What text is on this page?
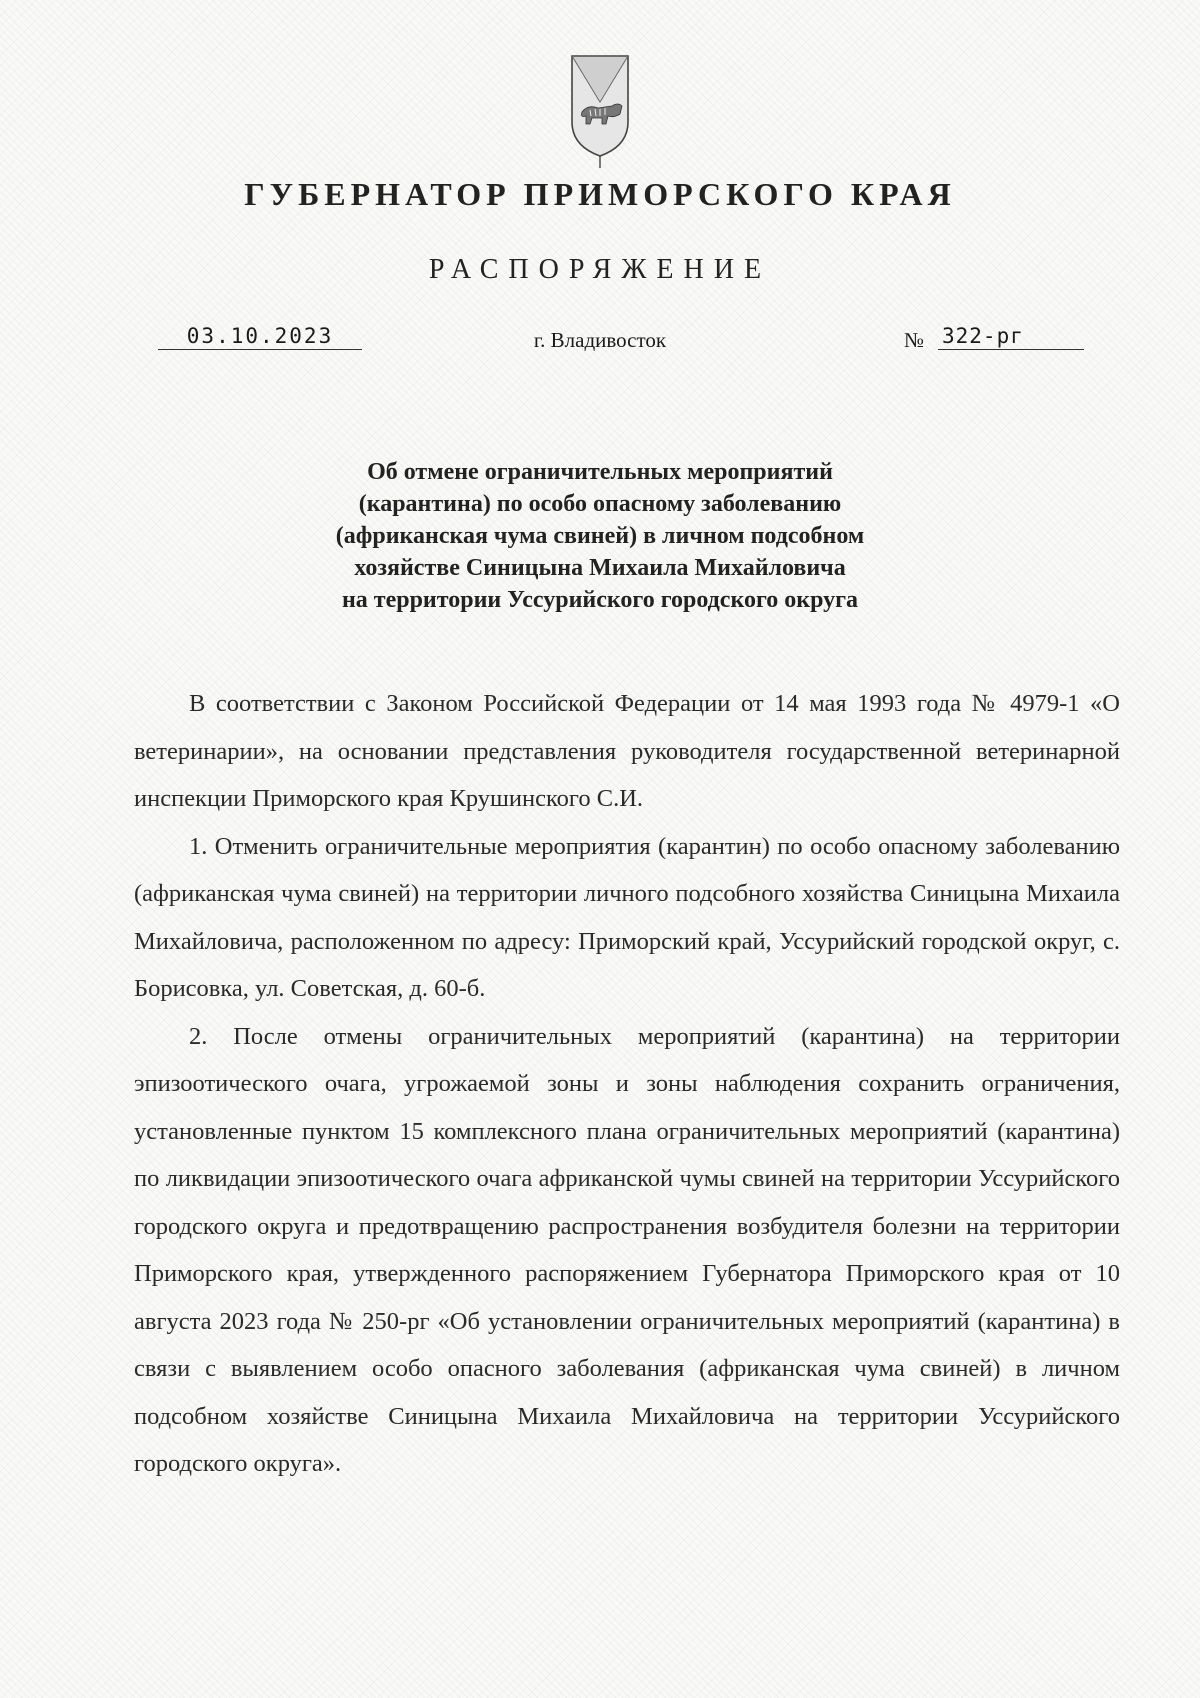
ГУБЕРНАТОР ПРИМОРСКОГО КРАЯ
РАСПОРЯЖЕНИЕ
03.10.2023	г. Владивосток	№ 322-рг
Об отмене ограничительных мероприятий
(карантина) по особо опасному заболеванию
(африканская чума свиней) в личном подсобном
хозяйстве Синицына Михаила Михайловича
на территории Уссурийского городского округа

В соответствии с Законом Российской Федерации от 14 мая 1993 года № 4979-1 «О ветеринарии», на основании представления руководителя государственной ветеринарной инспекции Приморского края Крушинского С.И.

1. Отменить ограничительные мероприятия (карантин) по особо опасному заболеванию (африканская чума свиней) на территории личного подсобного хозяйства Синицына Михаила Михайловича, расположенном по адресу: Приморский край, Уссурийский городской округ, с. Борисовка, ул. Советская, д. 60-б.

2. После отмены ограничительных мероприятий (карантина) на территории эпизоотического очага, угрожаемой зоны и зоны наблюдения сохранить ограничения, установленные пунктом 15 комплексного плана ограничительных мероприятий (карантина) по ликвидации эпизоотического очага африканской чумы свиней на территории Уссурийского городского округа и предотвращению распространения возбудителя болезни на территории Приморского края, утвержденного распоряжением Губернатора Приморского края от 10 августа 2023 года № 250-рг «Об установлении ограничительных мероприятий (карантина) в связи с выявлением особо опасного заболевания (африканская чума свиней) в личном подсобном хозяйстве Синицына Михаила Михайловича на территории Уссурийского городского округа».
